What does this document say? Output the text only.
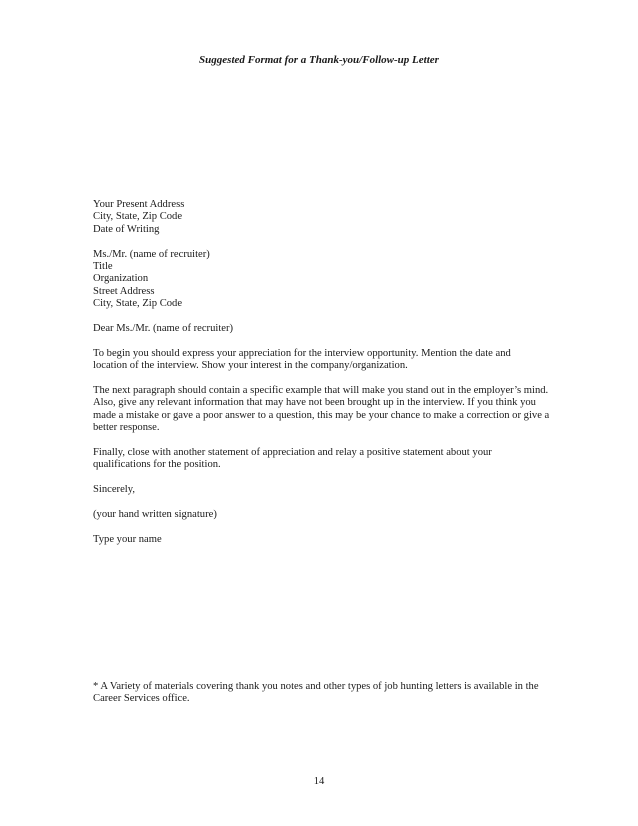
Suggested Format for a Thank-you/Follow-up Letter
Your Present Address
City, State, Zip Code
Date of Writing
Ms./Mr. (name of recruiter)
Title
Organization
Street Address
City, State, Zip Code
Dear Ms./Mr. (name of recruiter)
To begin you should express your appreciation for the interview opportunity. Mention the date and
location of the interview. Show your interest in the company/organization.
The next paragraph should contain a specific example that will make you stand out in the employer’s mind.
Also, give any relevant information that may have not been brought up in the interview. If you think you
made a mistake or gave a poor answer to a question, this may be your chance to make a correction or give a
better response.
Finally, close with another statement of appreciation and relay a positive statement about your
qualifications for the position.
Sincerely,
(your hand written signature)
Type your name
* A Variety of materials covering thank you notes and other types of job hunting letters is available in the
Career Services office.
14
